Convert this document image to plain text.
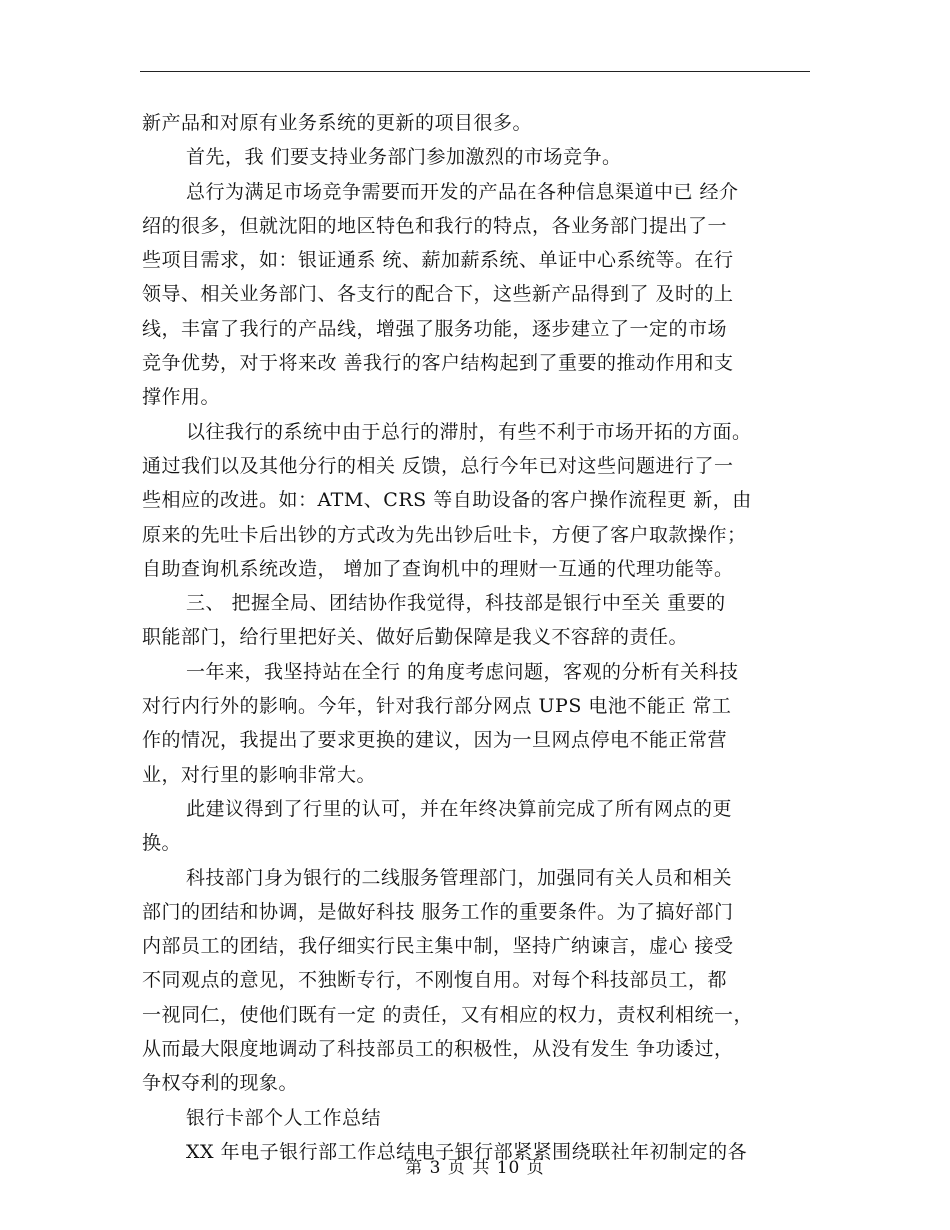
新产品和对原有业务系统的更新的项目很多。
首先，我 们要支持业务部门参加激烈的市场竞争。
总行为满足市场竞争需要而开发的产品在各种信息渠道中已 经介
绍的很多，但就沈阳的地区特色和我行的特点，各业务部门提出了一
些项目需求，如：银证通系 统、薪加薪系统、单证中心系统等。在行
领导、相关业务部门、各支行的配合下，这些新产品得到了 及时的上
线，丰富了我行的产品线，增强了服务功能，逐步建立了一定的市场
竞争优势，对于将来改 善我行的客户结构起到了重要的推动作用和支
撑作用。
以往我行的系统中由于总行的滞肘，有些不利于市场开拓的方面。
通过我们以及其他分行的相关 反馈，总行今年已对这些问题进行了一
些相应的改进。如：ATM、CRS 等自助设备的客户操作流程更 新，由
原来的先吐卡后出钞的方式改为先出钞后吐卡，方便了客户取款操作；
自助查询机系统改造， 增加了查询机中的理财一互通的代理功能等。
三、 把握全局、团结协作我觉得，科技部是银行中至关 重要的
职能部门，给行里把好关、做好后勤保障是我义不容辞的责任。
一年来，我坚持站在全行 的角度考虑问题，客观的分析有关科技
对行内行外的影响。今年，针对我行部分网点 UPS 电池不能正 常工
作的情况，我提出了要求更换的建议，因为一旦网点停电不能正常营
业，对行里的影响非常大。
此建议得到了行里的认可，并在年终决算前完成了所有网点的更
换。
科技部门身为银行的二线服务管理部门，加强同有关人员和相关
部门的团结和协调，是做好科技 服务工作的重要条件。为了搞好部门
内部员工的团结，我仔细实行民主集中制，坚持广纳谏言，虚心 接受
不同观点的意见，不独断专行，不刚愎自用。对每个科技部员工，都
一视同仁，使他们既有一定 的责任，又有相应的权力，责权利相统一，
从而最大限度地调动了科技部员工的积极性，从没有发生 争功诿过，
争权夺利的现象。
银行卡部个人工作总结
XX 年电子银行部工作总结电子银行部紧紧围绕联社年初制定的各
第 3 页 共 10 页
